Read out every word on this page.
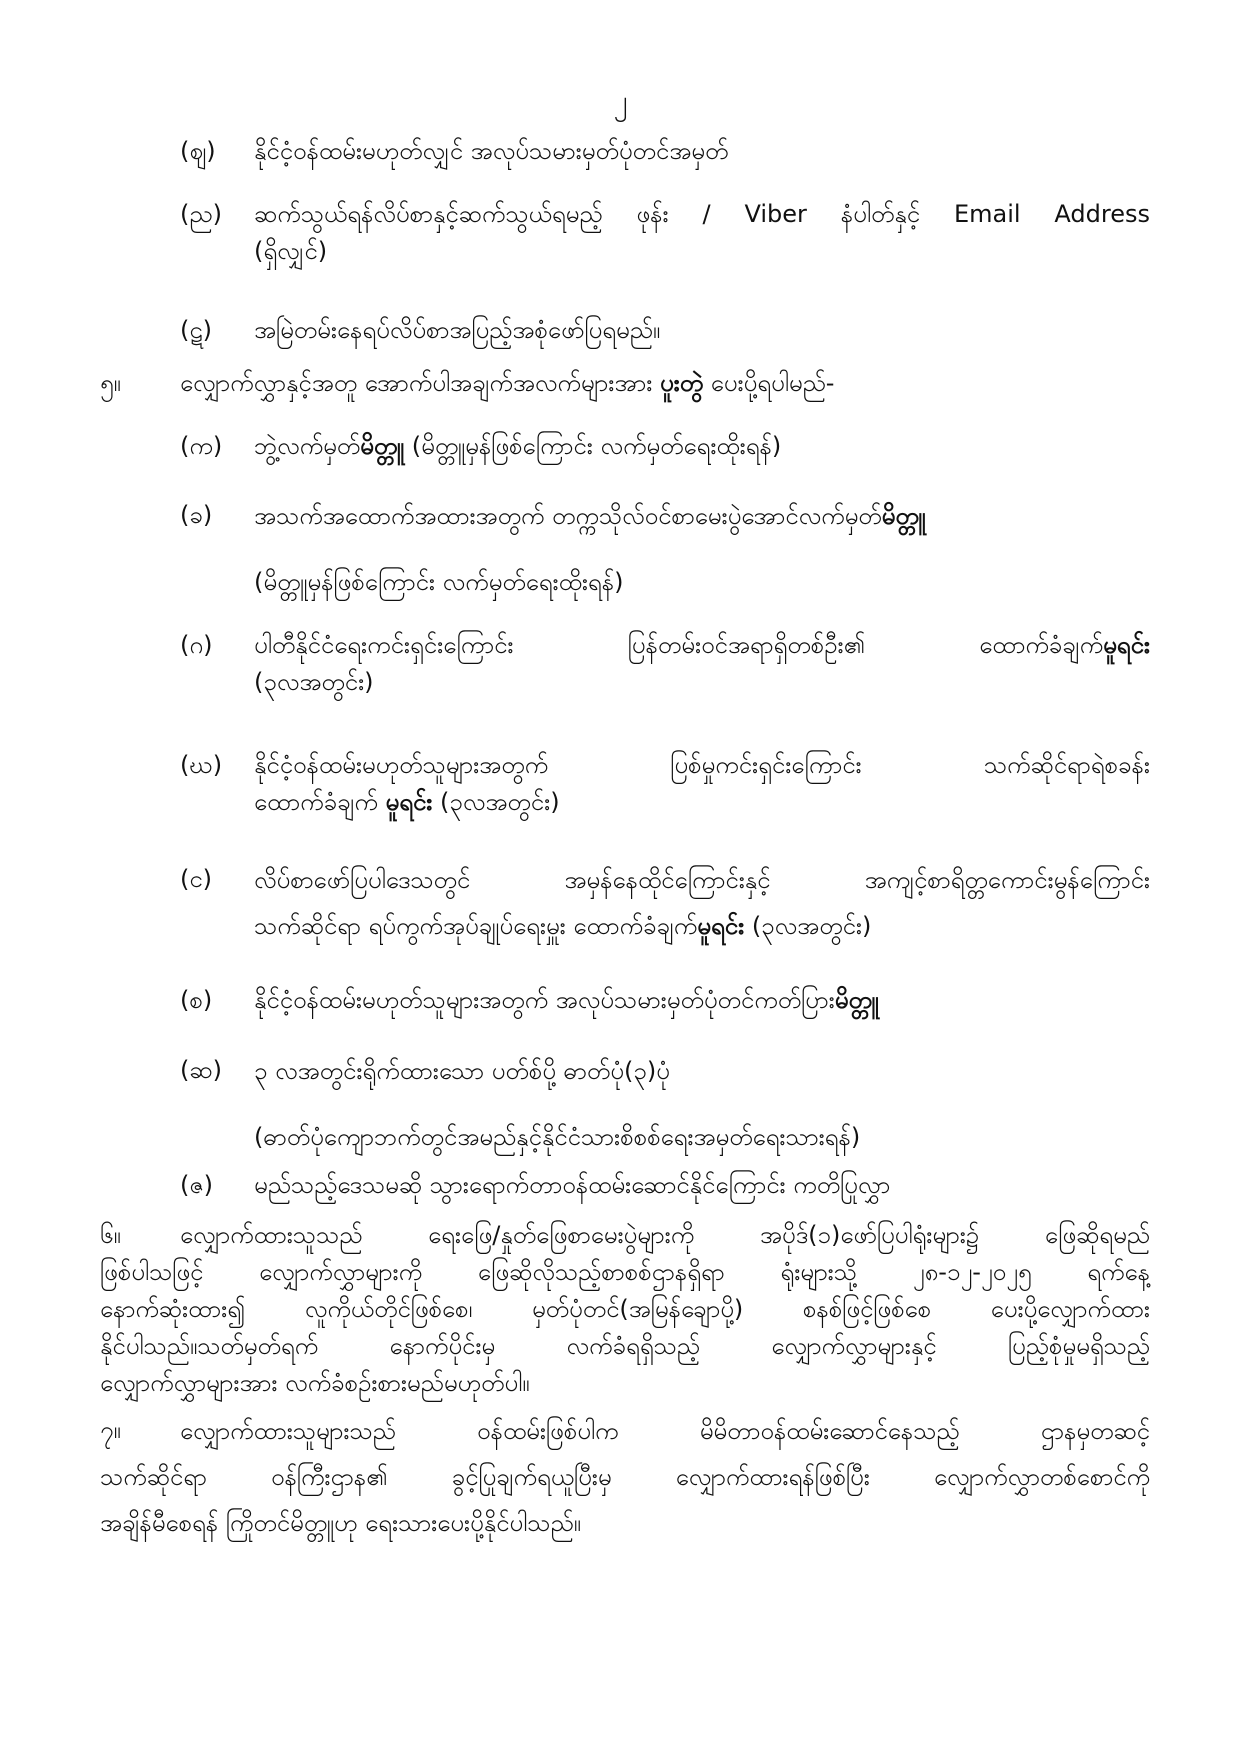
၂
(ဈ) နိုင်ငံ့ဝန်ထမ်းမဟုတ်လျှင် အလုပ်သမားမှတ်ပုံတင်အမှတ်
(ည) ဆက်သွယ်ရန်လိပ်စာနှင့်ဆက်သွယ်ရမည့် ဖုန်း / Viber နံပါတ်နှင့် Email Address
(ရှိလျှင်)
(ဋ) အမြဲတမ်းနေရပ်လိပ်စာအပြည့်အစုံဖော်ပြရမည်။
၅။ လျှောက်လွှာနှင့်အတူ အောက်ပါအချက်အလက်များအား ပူးတွဲ ပေးပို့ရပါမည်-
(က) ဘွဲ့လက်မှတ်မိတ္တူ (မိတ္တူမှန်ဖြစ်ကြောင်း လက်မှတ်ရေးထိုးရန်)
(ခ) အသက်အထောက်အထားအတွက် တက္ကသိုလ်ဝင်စာမေးပွဲအောင်လက်မှတ်မိတ္တူ
(မိတ္တူမှန်ဖြစ်ကြောင်း လက်မှတ်ရေးထိုးရန်)
(ဂ) ပါတီနိုင်ငံရေးကင်းရှင်းကြောင်း ပြန်တမ်းဝင်အရာရှိတစ်ဦး၏ ထောက်ခံချက်မူရင်း
(၃လအတွင်း)
(ဃ) နိုင်ငံ့ဝန်ထမ်းမဟုတ်သူများအတွက် ပြစ်မှုကင်းရှင်းကြောင်း သက်ဆိုင်ရာရဲစခန်း
ထောက်ခံချက် မူရင်း (၃လအတွင်း)
(င) လိပ်စာဖော်ပြပါဒေသတွင် အမှန်နေထိုင်ကြောင်းနှင့် အကျင့်စာရိတ္တကောင်းမွန်ကြောင်း
သက်ဆိုင်ရာ ရပ်ကွက်အုပ်ချုပ်ရေးမှူး ထောက်ခံချက်မူရင်း (၃လအတွင်း)
(စ) နိုင်ငံ့ဝန်ထမ်းမဟုတ်သူများအတွက် အလုပ်သမားမှတ်ပုံတင်ကတ်ပြားမိတ္တူ
(ဆ) ၃ လအတွင်းရိုက်ထားသော ပတ်စ်ပို့ ဓာတ်ပုံ(၃)ပုံ
(ဓာတ်ပုံကျောဘက်တွင်အမည်နှင့်နိုင်ငံသားစိစစ်ရေးအမှတ်ရေးသားရန်)
(ဇ) မည်သည့်ဒေသမဆို သွားရောက်တာဝန်ထမ်းဆောင်နိုင်ကြောင်း ကတိပြုလွှာ
၆။	လျှောက်ထားသူသည် ရေးဖြေ/နှုတ်ဖြေစာမေးပွဲများကို အပိုဒ်(၁)ဖော်ပြပါရုံးများ၌ ဖြေဆိုရမည်
ဖြစ်ပါသဖြင့် လျှောက်လွှာများကို ဖြေဆိုလိုသည့်စာစစ်ဌာနရှိရာ ရုံးများသို့ ၂၈-၁၂-၂၀၂၅ ရက်နေ့
နောက်ဆုံးထား၍ လူကိုယ်တိုင်ဖြစ်စေ၊ မှတ်ပုံတင်(အမြန်ချောပို့) စနစ်ဖြင့်ဖြစ်စေ ပေးပို့လျှောက်ထား
နိုင်ပါသည်။သတ်မှတ်ရက် နောက်ပိုင်းမှ လက်ခံရရှိသည့် လျှောက်လွှာများနှင့် ပြည့်စုံမှုမရှိသည့်
လျှောက်လွှာများအား လက်ခံစဉ်းစားမည်မဟုတ်ပါ။
၇။	လျှောက်ထားသူများသည် ဝန်ထမ်းဖြစ်ပါက မိမိတာဝန်ထမ်းဆောင်နေသည့် ဌာနမှတဆင့်
သက်ဆိုင်ရာ ဝန်ကြီးဌာန၏ ခွင့်ပြုချက်ရယူပြီးမှ လျှောက်ထားရန်ဖြစ်ပြီး လျှောက်လွှာတစ်စောင်ကို
အချိန်မီစေရန် ကြိုတင်မိတ္တူဟု ရေးသားပေးပို့နိုင်ပါသည်။
